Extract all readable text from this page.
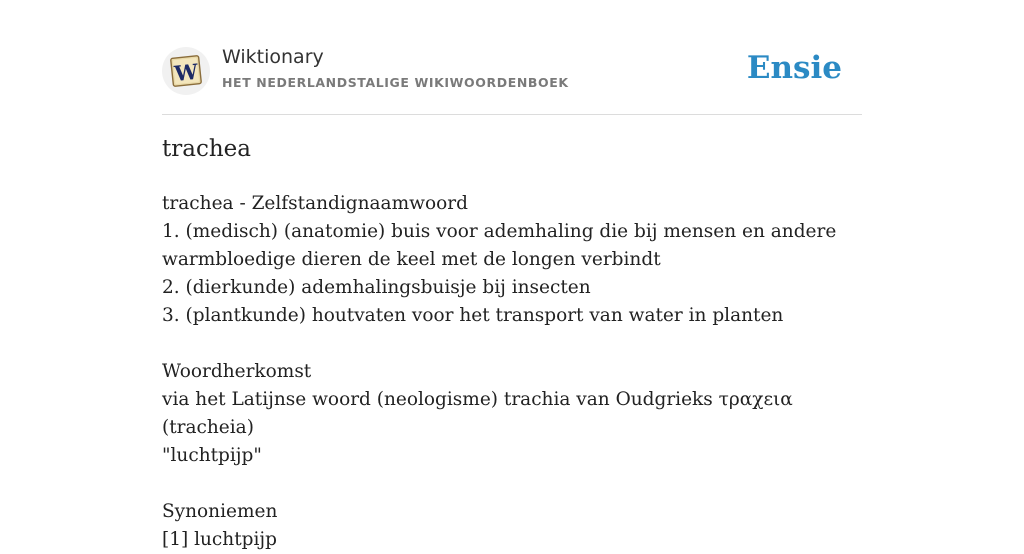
W
Wiktionary
HET NEDERLANDSTALIGE WIKIWOORDENBOEK	Ensie
trachea
trachea - Zelfstandignaamwoord
1. (medisch) (anatomie) buis voor ademhaling die bij mensen en andere
warmbloedige dieren de keel met de longen verbindt
2. (dierkunde) ademhalingsbuisje bij insecten
3. (plantkunde) houtvaten voor het transport van water in planten
Woordherkomst
via het Latijnse woord (neologisme) trachia van Oudgrieks τραχεια (tracheia)
"luchtpijp"
Synoniemen
[1] luchtpijp
